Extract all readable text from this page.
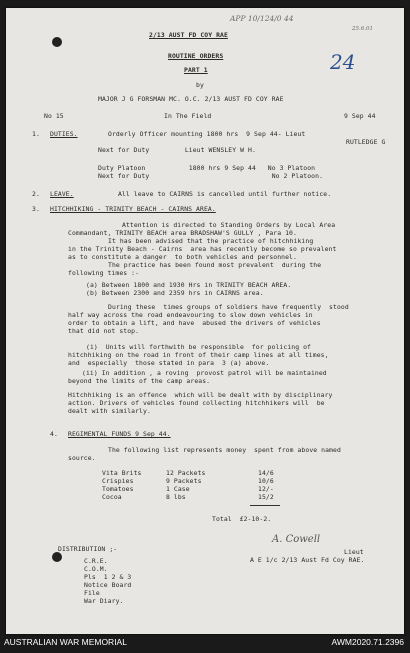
APP 10/124/0 44
25.6.01
24
2/13 AUST FD COY RAE
ROUTINE ORDERS
PART 1
by
MAJOR J G FORSMAN MC. O.C. 2/13 AUST FD COY RAE
No 15	In The Field	9 Sep 44
1. DUTIES.	Orderly Officer mounting 1800 hrs  9 Sep 44- Lieut
RUTLEDGE G
Next for Duty         Lieut WENSLEY W H.
Duty Platoon           1800 hrs 9 Sep 44   No 3 Platoon
Next for Duty                               No 2 Platoon.
2. LEAVE.	All leave to CAIRNS is cancelled until further notice.
3. HITCHHIKING - TRINITY BEACH - CAIRNS AREA.
Attention is directed to Standing Orders by Local Area
Commandant, TRINITY BEACH area BRADSHAW'S GULLY , Para 10.
It has been advised that the practice of hitchhiking
in the Trinity Beach - Cairns  area has recently become so prevalent
as to constitute a danger  to both vehicles and personnel.
The practice has been found most prevalent  during the
following times :-
(a) Between 1800 and 1930 Hrs in TRINITY BEACH AREA.
(b) Between 2300 and 2359 hrs in CAIRNS area.
During these  times groups of soldiers have frequently  stood
half way across the road endeavouring to slow down vehicles in
order to obtain a lift, and have  abused the drivers of vehicles
that did not stop.
(i)  Units will forthwith be responsible  for policing of
hitchhiking on the road in front of their camp lines at all times,
and  especially  those stated in para  3 (a) above.
(ii) In addition , a roving  provost patrol will be maintained
beyond the limits of the camp areas.
Hitchhiking is an offence  which will be dealt with by disciplinary
action. Drivers of vehicles found collecting hitchhikers will  be
dealt with similarly.
4. REGIMENTAL FUNDS 9 Sep 44.
The following list represents money  spent from above named
source.
Vita Brits	12 Packets	14/6
Crispies	9 Packets	10/6
Tomatoes	1 Case	12/-
Cocoa	8 lbs	15/2
Total  £2-10-2.
DISTRIBUTION ;-
C.R.E.
C.O.M.
Pls  1 2 & 3
Notice Board
File
War Diary.
A. Cowell
Lieut
A E 1/c 2/13 Aust Fd Coy RAE.
AUSTRALIAN WAR MEMORIAL	AWM2020.71.2396
